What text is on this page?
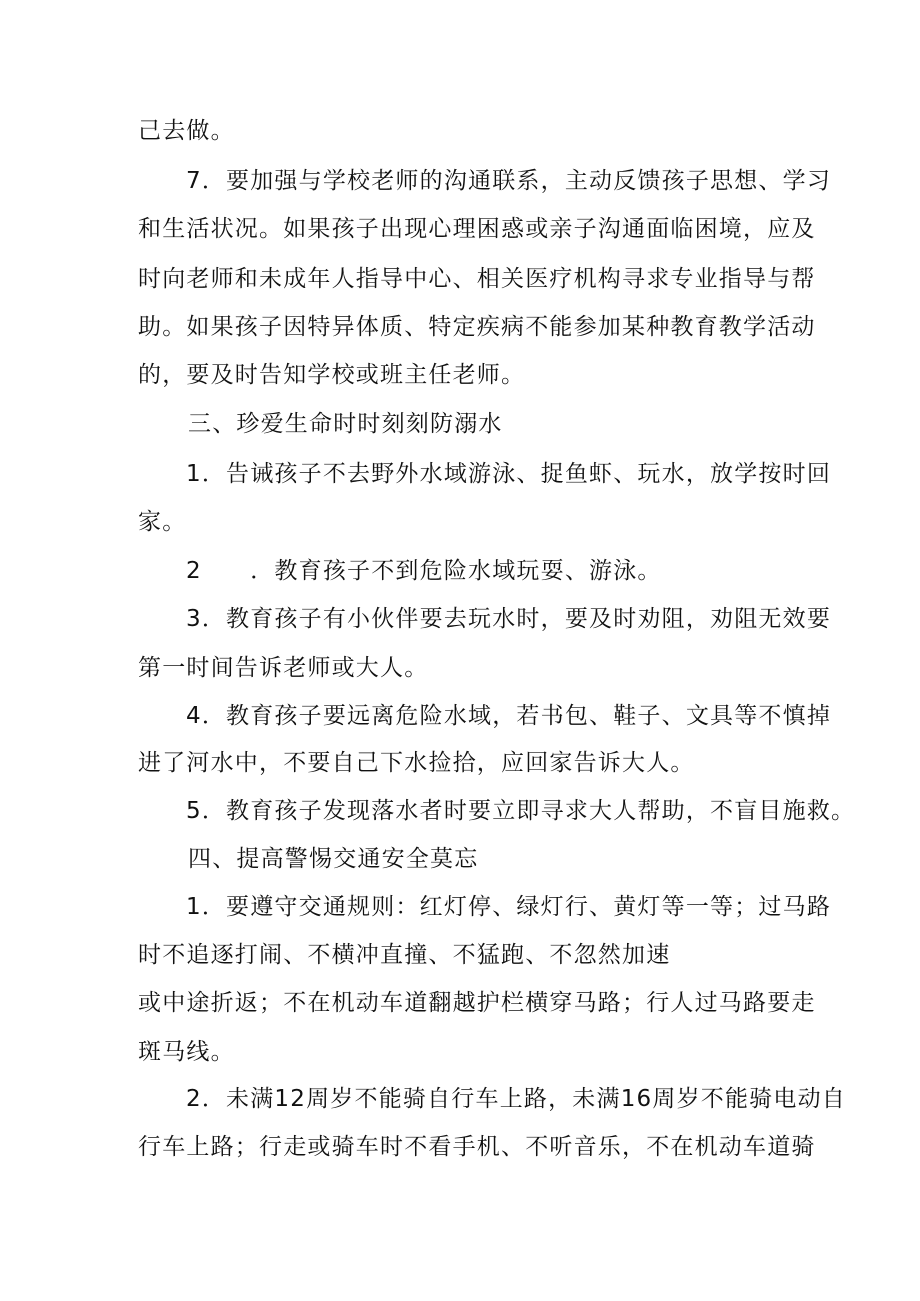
己去做。

7．要加强与学校老师的沟通联系，主动反馈孩子思想、学习

和生活状况。如果孩子出现心理困惑或亲子沟通面临困境，应及

时向老师和未成年人指导中心、相关医疗机构寻求专业指导与帮

助。如果孩子因特异体质、特定疾病不能参加某种教育教学活动

的，要及时告知学校或班主任老师。

三、珍爱生命时时刻刻防溺水

1．告诫孩子不去野外水域游泳、捉鱼虾、玩水，放学按时回

家。

2　　．教育孩子不到危险水域玩耍、游泳。

3．教育孩子有小伙伴要去玩水时，要及时劝阻，劝阻无效要

第一时间告诉老师或大人。

4．教育孩子要远离危险水域，若书包、鞋子、文具等不慎掉

进了河水中，不要自己下水捡拾，应回家告诉大人。

5．教育孩子发现落水者时要立即寻求大人帮助，不盲目施救。

四、提高警惕交通安全莫忘

1．要遵守交通规则：红灯停、绿灯行、黄灯等一等；过马路

时不追逐打闹、不横冲直撞、不猛跑、不忽然加速

或中途折返；不在机动车道翻越护栏横穿马路；行人过马路要走

斑马线。

2．未满12周岁不能骑自行车上路，未满16周岁不能骑电动自

行车上路；行走或骑车时不看手机、不听音乐，不在机动车道骑
